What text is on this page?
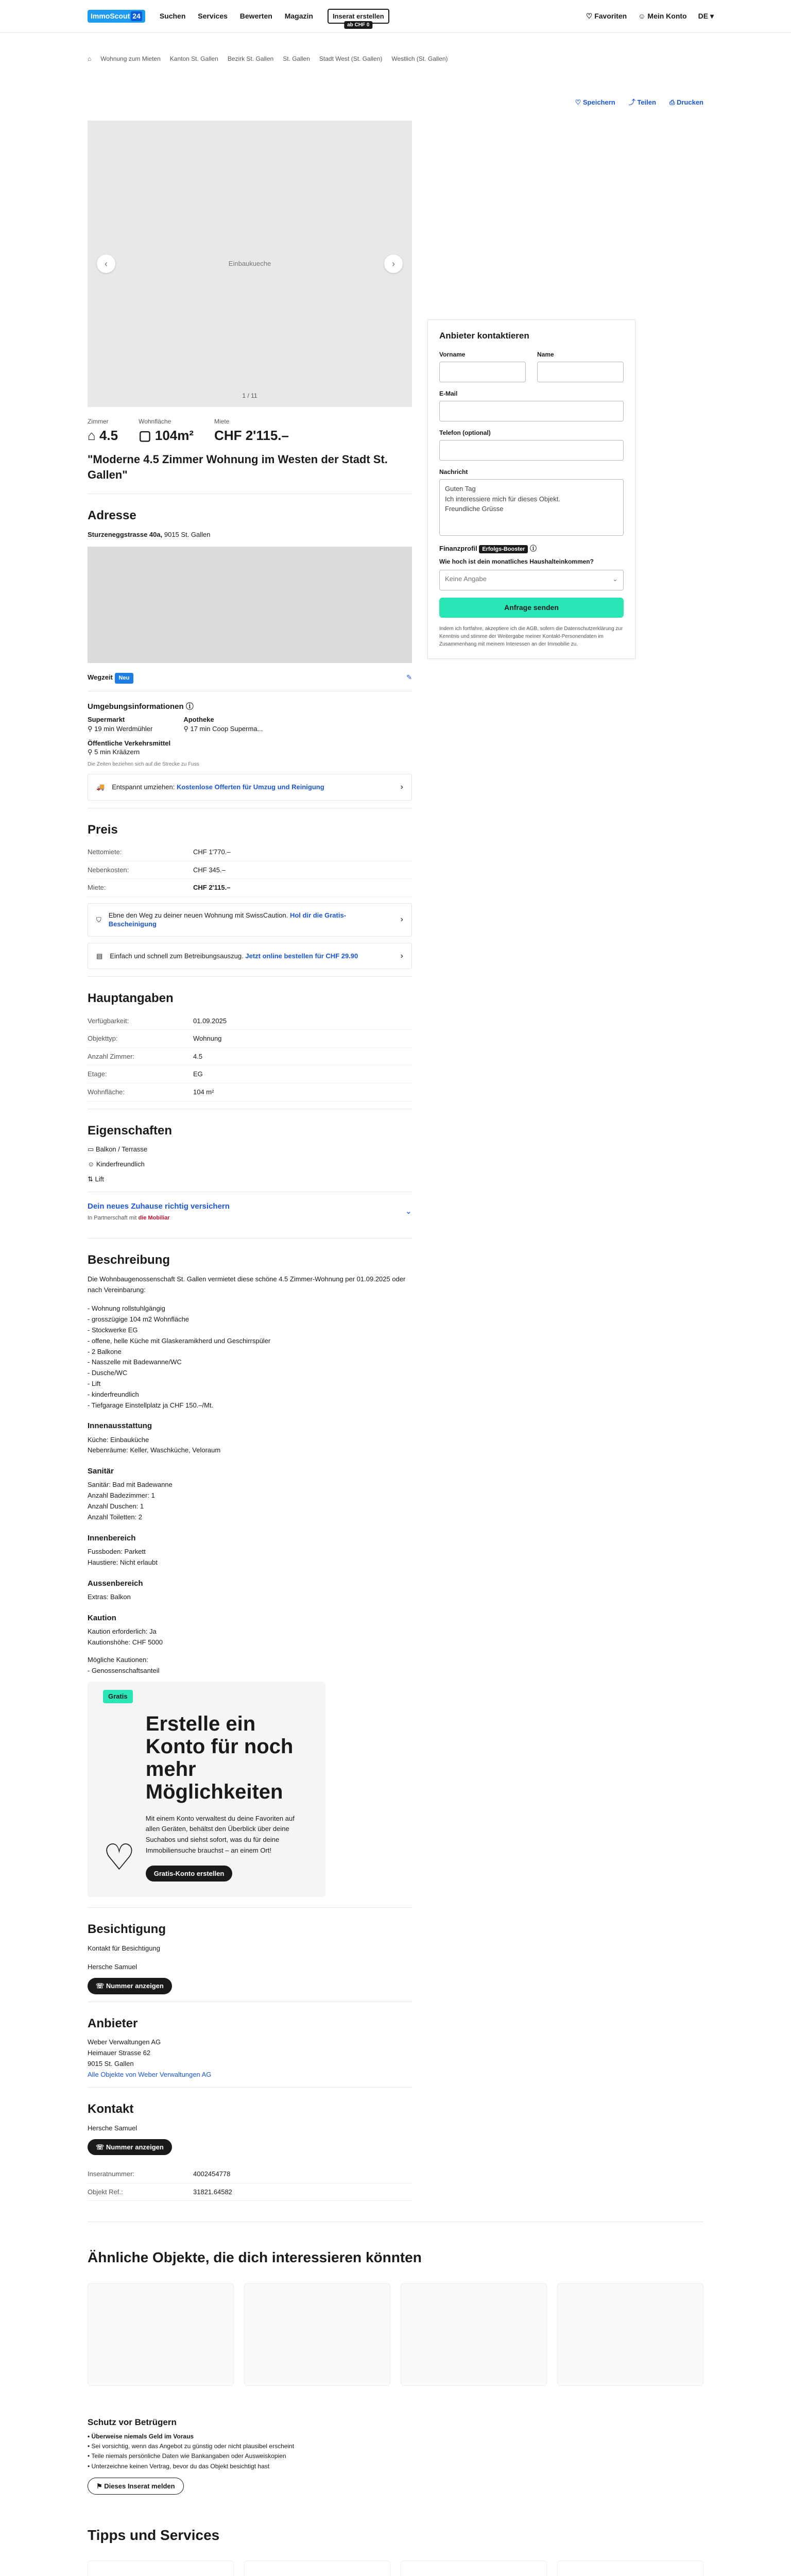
ImmoScout 24	Suchen Services Bewerten Magazin	Inserat erstellen
ab CHF 0
♡ Favoriten ☺ Mein Konto DE ▾
⌂ Wohnung zum Mieten Kanton St. Gallen Bezirk St. Gallen St. Gallen Stadt West (St. Gallen) Westlich (St. Gallen)
♡ Speichern ⤴ Teilen ⎙ Drucken
Einbaukueche
‹	›
1 / 11
Zimmer
⌂ 4.5
Wohnfläche
▢ 104m²
Miete
CHF 2'115.–
"Moderne 4.5 Zimmer Wohnung im Westen der Stadt St. Gallen"
Adresse
Sturzeneggstrasse 40a, 9015 St. Gallen
Wegzeit Neu	✎
Umgebungsinformationen ⓘ
Supermarkt
⚲ 19 min Werdmühler
Apotheke
⚲ 17 min Coop Superma...
Öffentliche Verkehrsmittel
⚲ 5 min Krääzern
Die Zeiten beziehen sich auf die Strecke zu Fuss
🚚 Entspannt umziehen: Kostenlose Offerten für Umzug und Reinigung	›
Preis
Nettomiete:	CHF 1'770.–
Nebenkosten:	CHF 345.–
Miete:	CHF 2'115.–
⛉
Ebne den Weg zu deiner neuen Wohnung mit SwissCaution. Hol dir die Gratis-Bescheinigung
›
▤ Einfach und schnell zum Betreibungsauszug. Jetzt online bestellen für CHF 29.90	›
Hauptangaben
Verfügbarkeit:	01.09.2025
Objekttyp:	Wohnung
Anzahl Zimmer:	4.5
Etage:	EG
Wohnfläche:	104 m²
Eigenschaften
▭ Balkon / Terrasse
☺ Kinderfreundlich
⇅ Lift
Dein neues Zuhause richtig versichern
In Partnerschaft mit die Mobiliar
⌄
Beschreibung
Die Wohnbaugenossenschaft St. Gallen vermietet diese schöne 4.5 Zimmer-Wohnung per 01.09.2025 oder nach Vereinbarung:
- Wohnung rollstuhlgängig
- grosszügige 104 m2 Wohnfläche
- Stockwerke EG
- offene, helle Küche mit Glaskeramikherd und Geschirrspüler
- 2 Balkone
- Nasszelle mit Badewanne/WC
- Dusche/WC
- Lift
- kinderfreundlich
- Tiefgarage Einstellplatz ja CHF 150.–/Mt.
Innenausstattung
Küche: Einbauküche
Nebenräume: Keller, Waschküche, Veloraum
Sanitär
Sanitär: Bad mit Badewanne
Anzahl Badezimmer: 1
Anzahl Duschen: 1
Anzahl Toiletten: 2
Innenbereich
Fussboden: Parkett
Haustiere: Nicht erlaubt
Aussenbereich
Extras: Balkon
Kaution
Kaution erforderlich: Ja
Kautionshöhe: CHF 5000
Mögliche Kautionen:
- Genossenschaftsanteil
Gratis
♡
Erstelle ein Konto für noch mehr Möglichkeiten
Mit einem Konto verwaltest du deine Favoriten auf allen Geräten, behältst den Überblick über deine Suchabos und siehst sofort, was du für deine Immobiliensuche brauchst – an einem Ort!
Gratis-Konto erstellen
Besichtigung
Kontakt für Besichtigung
Hersche Samuel
☏ Nummer anzeigen
Anbieter
Weber Verwaltungen AG
Heimauer Strasse 62
9015 St. Gallen
Alle Objekte von Weber Verwaltungen AG
Kontakt
Hersche Samuel
☏ Nummer anzeigen
Inseratnummer:	4002454778
Objekt Ref.:	31821.64582
Anbieter kontaktieren
Vorname	Name
E-Mail
Telefon (optional)
Nachricht
Guten Tag
Ich interessiere mich für dieses Objekt.
Freundliche Grüsse
Finanzprofil Erfolgs-Booster ⓘ
Wie hoch ist dein monatliches Haushalteinkommen?
Keine Angabe	⌄
Anfrage senden
Indem ich fortfahre, akzeptiere ich die AGB, sofern die Datenschutzerklärung zur Kenntnis und stimme der Weitergabe meiner Kontakt-Personendaten im Zusammenhang mit meinem Interessen an der Immobilie zu.
Ähnliche Objekte, die dich interessieren könnten
Schutz vor Betrügern
• Überweise niemals Geld im Voraus
• Sei vorsichtig, wenn das Angebot zu günstig oder nicht plausibel erscheint
• Teile niemals persönliche Daten wie Bankangaben oder Ausweiskopien
• Unterzeichne keinen Vertrag, bevor du das Objekt besichtigt hast
⚑ Dieses Inserat melden
Tipps und Services
